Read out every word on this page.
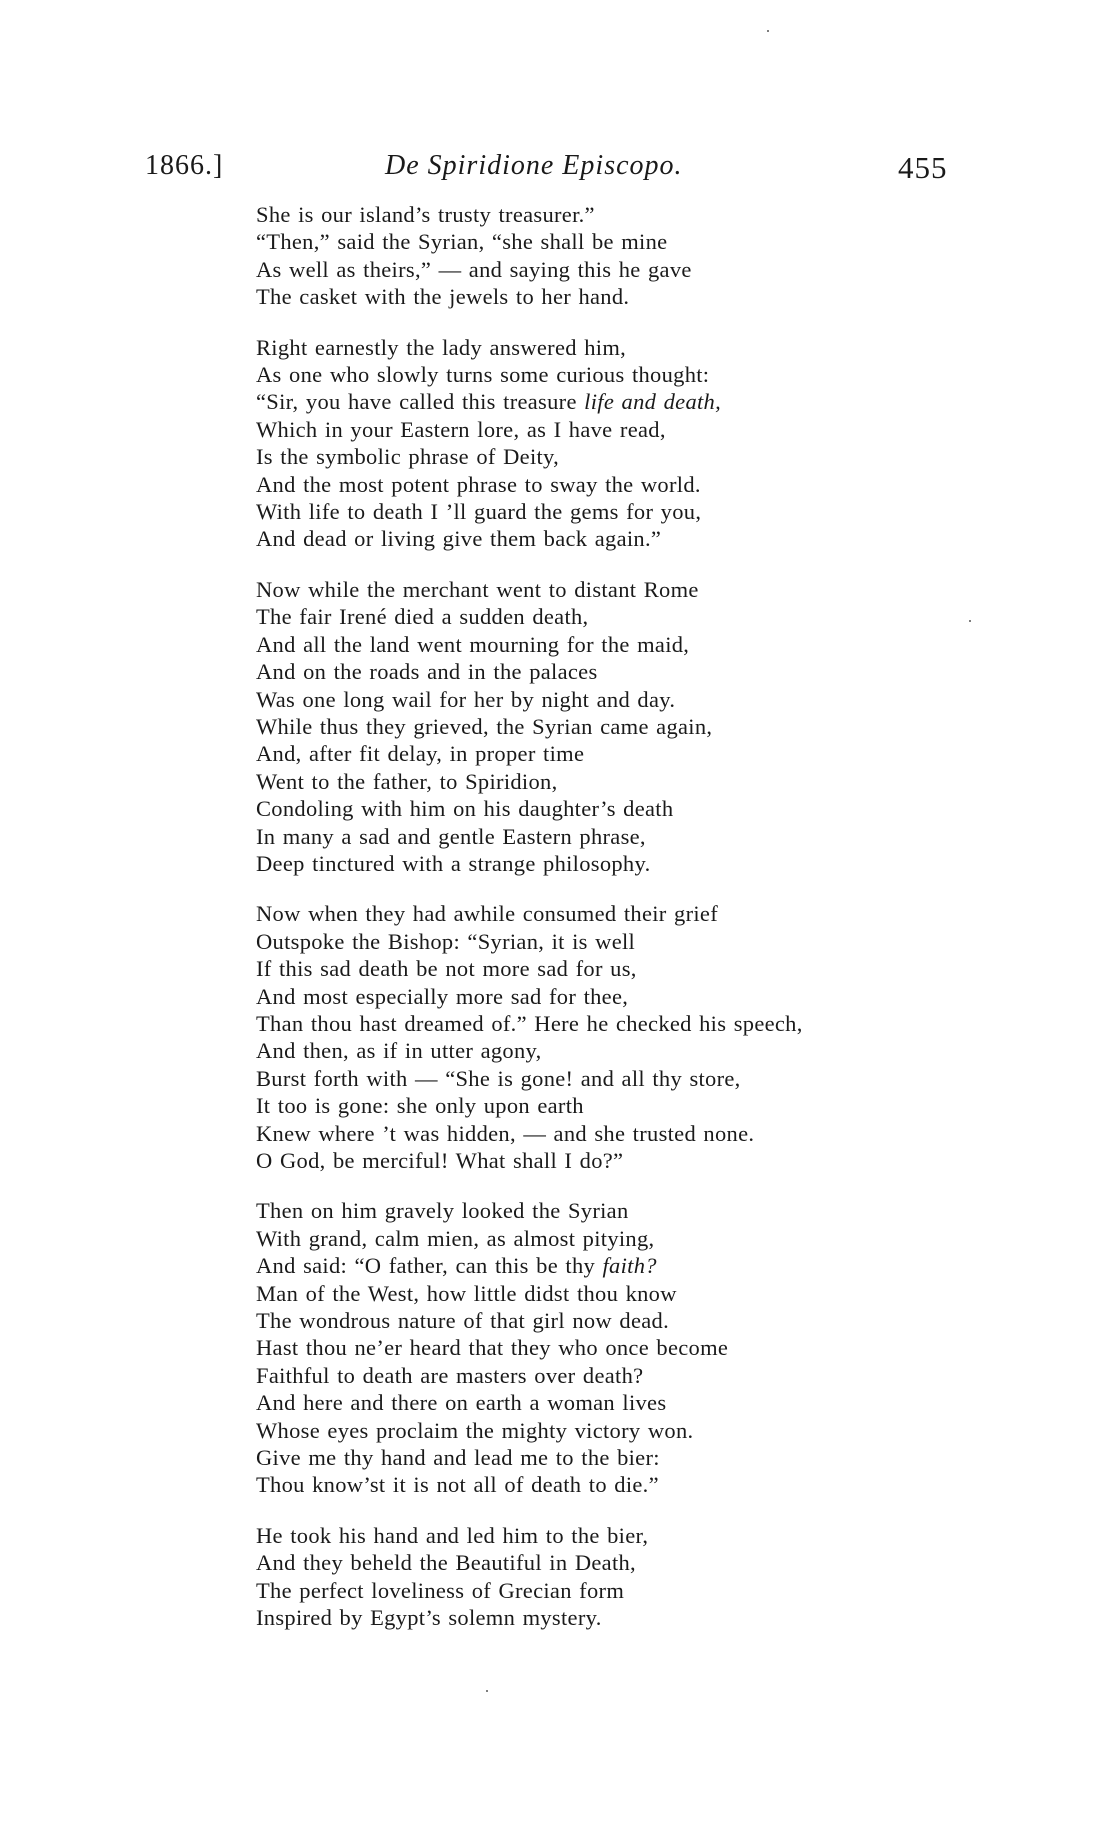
1866.]	De Spiridione Episcopo.	455
She is our island’s trusty treasurer.”
“Then,” said the Syrian, “she shall be mine
As well as theirs,” — and saying this he gave
The casket with the jewels to her hand.
Right earnestly the lady answered him,
As one who slowly turns some curious thought:
“Sir, you have called this treasure life and death,
Which in your Eastern lore, as I have read,
Is the symbolic phrase of Deity,
And the most potent phrase to sway the world.
With life to death I ’ll guard the gems for you,
And dead or living give them back again.”
Now while the merchant went to distant Rome
The fair Irené died a sudden death,
And all the land went mourning for the maid,
And on the roads and in the palaces
Was one long wail for her by night and day.
While thus they grieved, the Syrian came again,
And, after fit delay, in proper time
Went to the father, to Spiridion,
Condoling with him on his daughter’s death
In many a sad and gentle Eastern phrase,
Deep tinctured with a strange philosophy.
Now when they had awhile consumed their grief
Outspoke the Bishop: “Syrian, it is well
If this sad death be not more sad for us,
And most especially more sad for thee,
Than thou hast dreamed of.” Here he checked his speech,
And then, as if in utter agony,
Burst forth with — “She is gone! and all thy store,
It too is gone: she only upon earth
Knew where ’t was hidden, — and she trusted none.
O God, be merciful! What shall I do?”
Then on him gravely looked the Syrian
With grand, calm mien, as almost pitying,
And said: “O father, can this be thy faith?
Man of the West, how little didst thou know
The wondrous nature of that girl now dead.
Hast thou ne’er heard that they who once become
Faithful to death are masters over death?
And here and there on earth a woman lives
Whose eyes proclaim the mighty victory won.
Give me thy hand and lead me to the bier:
Thou know’st it is not all of death to die.”
He took his hand and led him to the bier,
And they beheld the Beautiful in Death,
The perfect loveliness of Grecian form
Inspired by Egypt’s solemn mystery.
